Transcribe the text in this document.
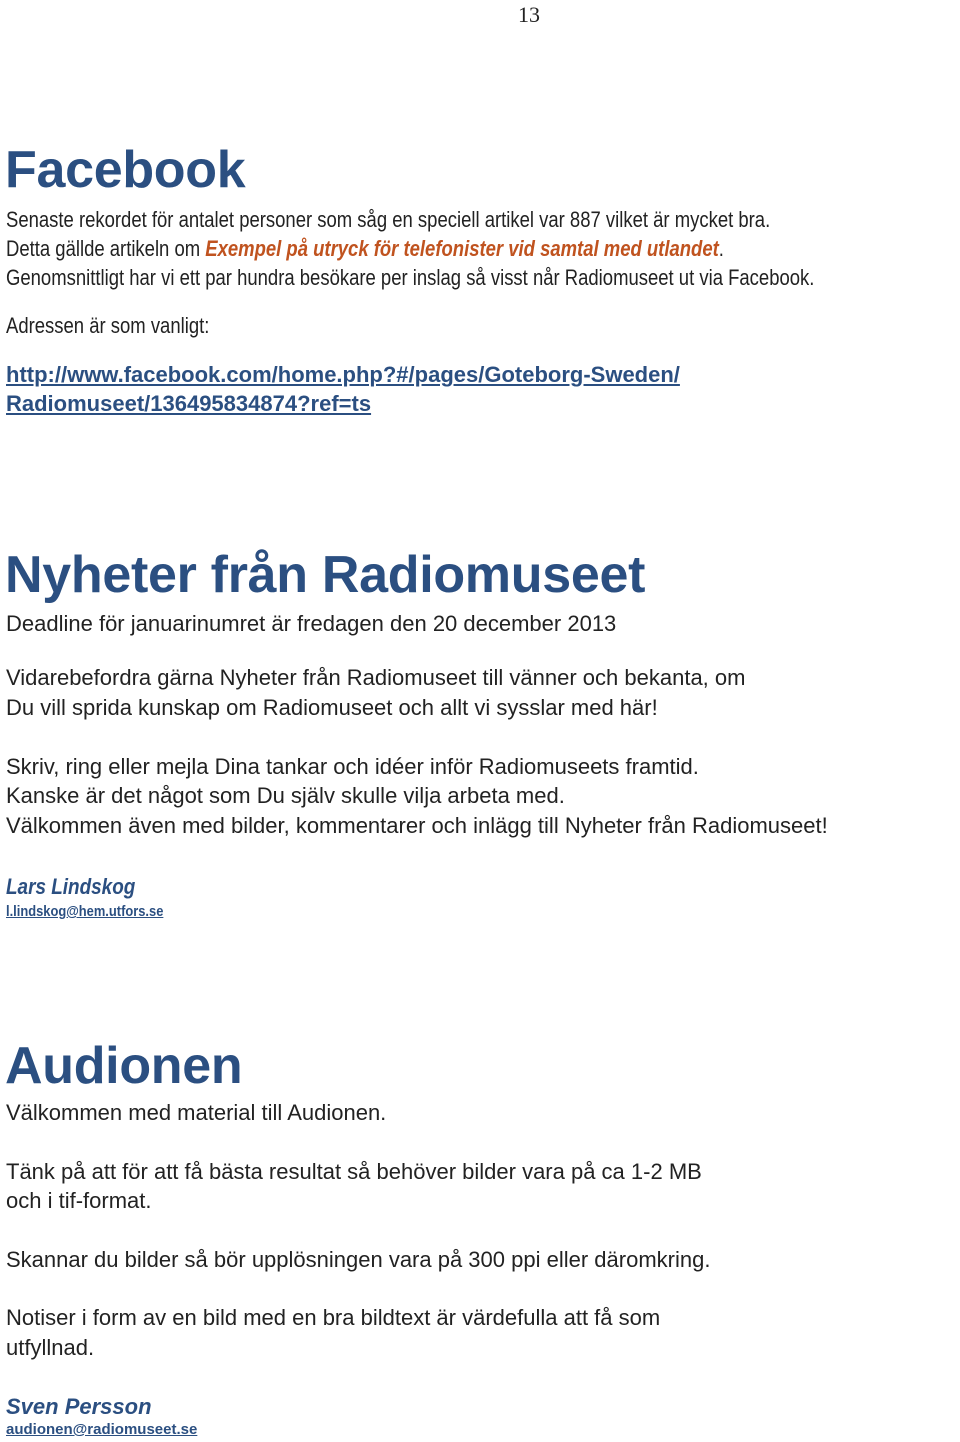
13
Facebook
Senaste rekordet för antalet personer som såg en speciell artikel var 887 vilket är mycket bra.
Detta gällde artikeln om Exempel på utryck för telefonister vid samtal med utlandet.
Genomsnittligt har vi ett par hundra besökare per inslag så visst når Radiomuseet ut via Facebook.
Adressen är som vanligt:
http://www.facebook.com/home.php?#/pages/Goteborg-Sweden/
Radiomuseet/136495834874?ref=ts
Nyheter från Radiomuseet
Deadline för januarinumret är fredagen den 20 december 2013
Vidarebefordra gärna Nyheter från Radiomuseet till vänner och bekanta, om
Du vill sprida kunskap om Radiomuseet och allt vi sysslar med här!
Skriv, ring eller mejla Dina tankar och idéer inför Radiomuseets framtid.
Kanske är det något som Du själv skulle vilja arbeta med.
Välkommen även med bilder, kommentarer och inlägg till Nyheter från Radiomuseet!
Lars Lindskog
l.lindskog@hem.utfors.se
Audionen
Välkommen med material till Audionen.
Tänk på att för att få bästa resultat så behöver bilder vara på ca 1-2 MB
och i tif-format.
Skannar du bilder så bör upplösningen vara på 300 ppi eller däromkring.
Notiser i form av en bild med en bra bildtext är värdefulla att få som
utfyllnad.
Sven Persson
audionen@radiomuseet.se
